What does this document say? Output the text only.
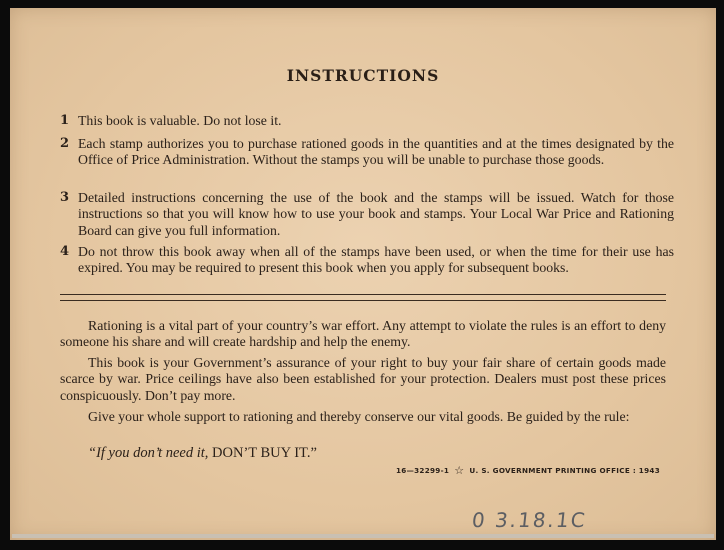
INSTRUCTIONS
1 This book is valuable. Do not lose it.
2 Each stamp authorizes you to purchase rationed goods in the quantities and at the times designated by the Office of Price Administration. Without the stamps you will be unable to purchase those goods.
3 Detailed instructions concerning the use of the book and the stamps will be issued. Watch for those instructions so that you will know how to use your book and stamps. Your Local War Price and Rationing Board can give you full information.
4 Do not throw this book away when all of the stamps have been used, or when the time for their use has expired. You may be required to present this book when you apply for subsequent books.
Rationing is a vital part of your country’s war effort. Any attempt to violate the rules is an effort to deny someone his share and will create hardship and help the enemy.
This book is your Government’s assurance of your right to buy your fair share of certain goods made scarce by war. Price ceilings have also been established for your protection. Dealers must post these prices conspicuously. Don’t pay more.
Give your whole support to rationing and thereby conserve our vital goods. Be guided by the rule:
“If you don’t need it, DON’T BUY IT.”
16—32299-1 ☆ U. S. GOVERNMENT PRINTING OFFICE : 1943
0 3.18.1C
